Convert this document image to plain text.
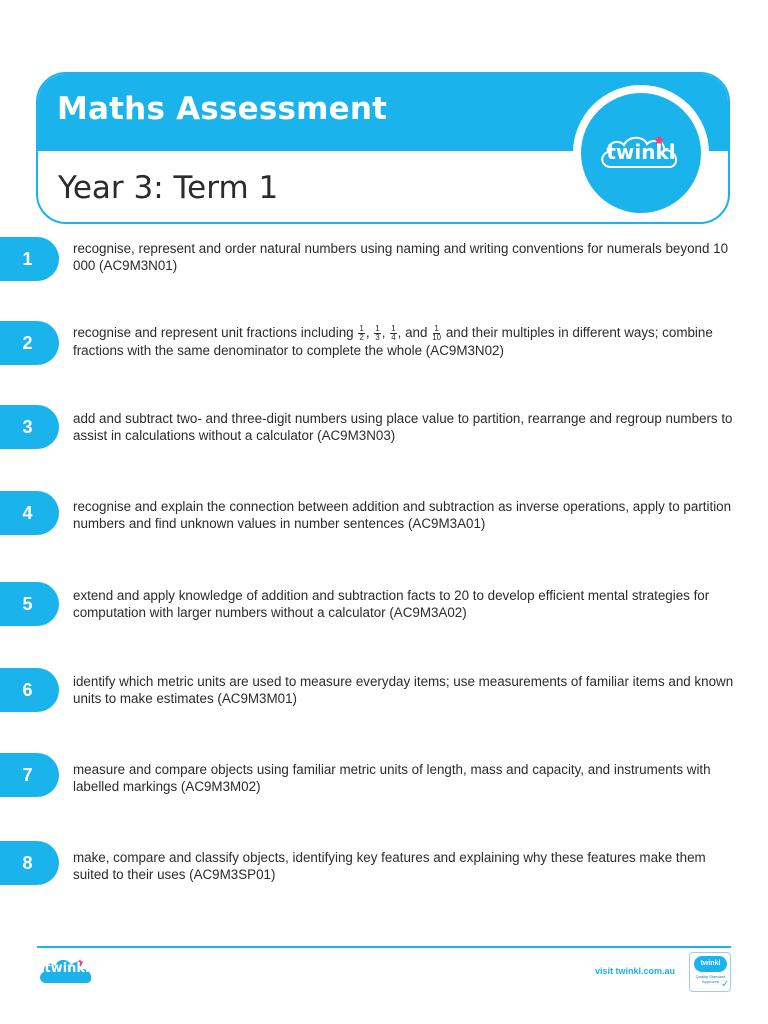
Maths Assessment
Year 3: Term 1
twinkl
1	recognise, represent and order natural numbers using naming and writing conventions for numerals beyond 10 000 (AC9M3N01)
2	recognise and represent unit fractions including $\frac{1}{2}$ , $\frac{1}{3}$ , $\frac{1}{4}$ , and $\frac{1}{10}$ and their multiples in different ways; combine fractions with the same denominator to complete the whole (AC9M3N02)
3	add and subtract two- and three-digit numbers using place value to partition, rearrange and regroup numbers to assist in calculations without a calculator (AC9M3N03)
4	recognise and explain the connection between addition and subtraction as inverse operations, apply to partition numbers and find unknown values in number sentences (AC9M3A01)
5	extend and apply knowledge of addition and subtraction facts to 20 to develop efficient mental strategies for computation with larger numbers without a calculator (AC9M3A02)
6	identify which metric units are used to measure everyday items; use measurements of familiar items and known units to make estimates (AC9M3M01)
7	measure and compare objects using familiar metric units of length, mass and capacity, and instruments with labelled markings (AC9M3M02)
8	make, compare and classify objects, identifying key features and explaining why these features make them suited to their uses (AC9M3SP01)
twinkl	visit twinkl.com.au
twinkl
Quality Standard Approved ✓
